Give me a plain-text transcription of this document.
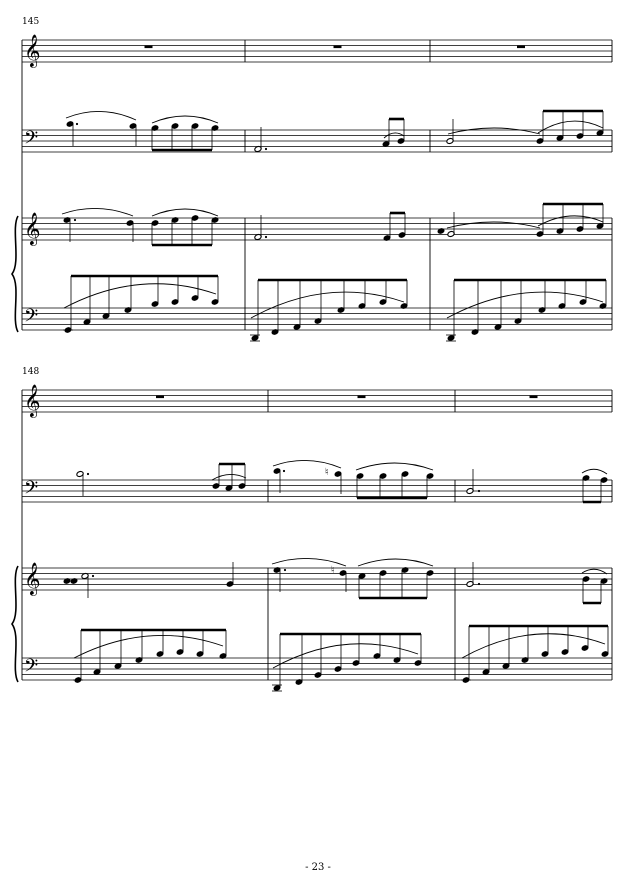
𝄞
𝄢
𝄞
𝄢
𝄞
𝄢
𝄞
𝄢
♮
♮
145
148
- 23 -
